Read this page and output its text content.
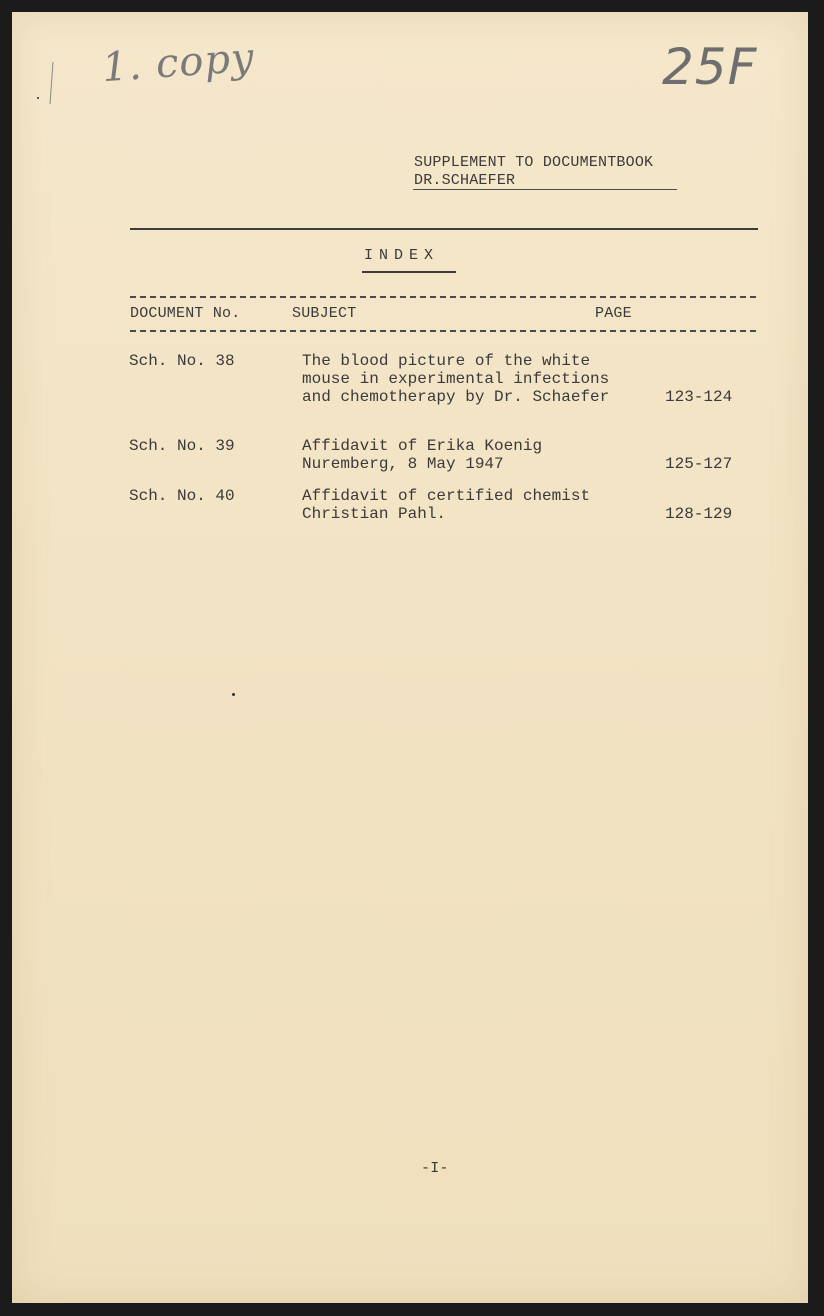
1. copy	25F
SUPPLEMENT TO DOCUMENTBOOK
DR.SCHAEFER
INDEX
DOCUMENT No.	SUBJECT	PAGE
Sch. No. 38	The blood picture of the white
mouse in experimental infections
and chemotherapy by Dr. Schaefer	123-124
Sch. No. 39	Affidavit of Erika Koenig
Nuremberg, 8 May 1947	125-127
Sch. No. 40	Affidavit of certified chemist
Christian Pahl.	128-129
-I-
